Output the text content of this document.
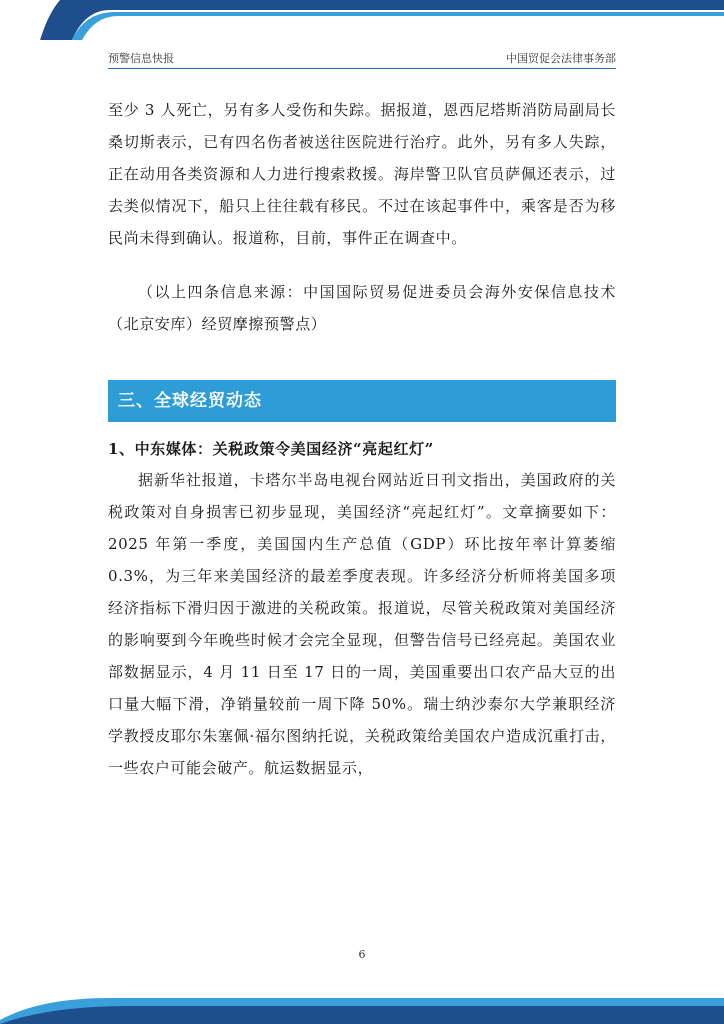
预警信息快报	中国贸促会法律事务部

至少 3 人死亡，另有多人受伤和失踪。据报道，恩西尼塔斯消防局副局长桑切斯表示，已有四名伤者被送往医院进行治疗。此外，另有多人失踪，正在动用各类资源和人力进行搜索救援。海岸警卫队官员萨佩还表示，过去类似情况下，船只上往往载有移民。不过在该起事件中，乘客是否为移民尚未得到确认。报道称，目前，事件正在调查中。

（以上四条信息来源：中国国际贸易促进委员会海外安保信息技术（北京安库）经贸摩擦预警点）

三、全球经贸动态

1、中东媒体：关税政策令美国经济“亮起红灯”

据新华社报道，卡塔尔半岛电视台网站近日刊文指出，美国政府的关税政策对自身损害已初步显现，美国经济“亮起红灯”。文章摘要如下：2025 年第一季度，美国国内生产总值（GDP）环比按年率计算萎缩 0.3%，为三年来美国经济的最差季度表现。许多经济分析师将美国多项经济指标下滑归因于激进的关税政策。报道说，尽管关税政策对美国经济的影响要到今年晚些时候才会完全显现，但警告信号已经亮起。美国农业部数据显示，4 月 11 日至 17 日的一周，美国重要出口农产品大豆的出口量大幅下滑，净销量较前一周下降 50%。瑞士纳沙泰尔大学兼职经济学教授皮耶尔朱塞佩·福尔图纳托说，关税政策给美国农户造成沉重打击，一些农户可能会破产。航运数据显示，

6
